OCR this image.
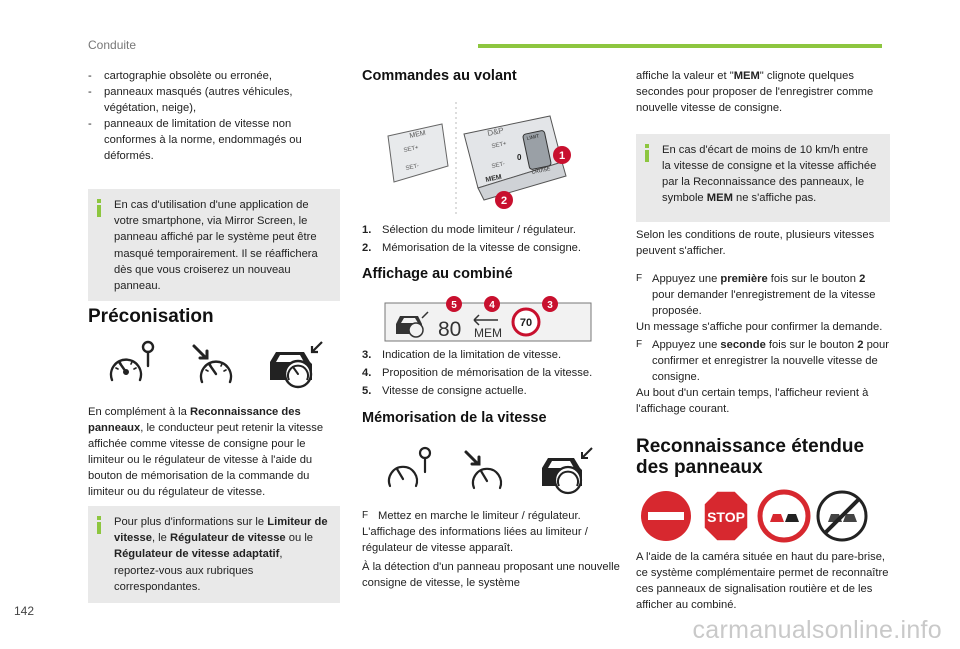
Conduite
142

- cartographie obsolète ou erronée,

- panneaux masqués (autres véhicules, végétation, neige),

- panneaux de limitation de vitesse non conformes à la norme, endommagés ou déformés.

En cas d'utilisation d'une application de votre smartphone, via Mirror Screen, le panneau affiché par le système peut être masqué temporairement. Il se réaffichera dès que vous croiserez un nouveau panneau.
Préconisation
En complément à la Reconnaissance des panneaux, le conducteur peut retenir la vitesse affichée comme vitesse de consigne pour le limiteur ou le régulateur de vitesse à l'aide du bouton de mémorisation de la commande du limiteur ou du régulateur de vitesse.
Pour plus d'informations sur le Limiteur de vitesse, le Régulateur de vitesse ou le Régulateur de vitesse adaptatif, reportez-vous aux rubriques correspondantes.
Commandes au volant
MEM
SET+
SET-
D&P
SET+
SET-
MEM
LIMIT
CRUISE
0	1
2

1. Sélection du mode limiteur / régulateur.

2. Mémorisation de la vitesse de consigne.

Affichage au combiné
80 MEM
70
5	4	3

3. Indication de la limitation de vitesse.

4. Proposition de mémorisation de la vitesse.

5. Vitesse de consigne actuelle.

Mémorisation de la vitesse

F Mettez en marche le limiteur / régulateur.

L'affichage des informations liées au limiteur / régulateur de vitesse apparaît.

À la détection d'un panneau proposant une nouvelle consigne de vitesse, le système

affiche la valeur et "MEM" clignote quelques secondes pour proposer de l'enregistrer comme nouvelle vitesse de consigne.
En cas d'écart de moins de 10 km/h entre la vitesse de consigne et la vitesse affichée par la Reconnaissance des panneaux, le symbole MEM ne s'affiche pas.

Selon les conditions de route, plusieurs vitesses peuvent s'afficher.

F Appuyez une première fois sur le bouton 2 pour demander l'enregistrement de la vitesse proposée.

Un message s'affiche pour confirmer la demande.

F Appuyez une seconde fois sur le bouton 2 pour confirmer et enregistrer la nouvelle vitesse de consigne.

Au bout d'un certain temps, l'afficheur revient à l'affichage courant.

Reconnaissance étendue des panneaux
STOP
A l'aide de la caméra située en haut du pare-brise, ce système complémentaire permet de reconnaître ces panneaux de signalisation routière et de les afficher au combiné.
carmanualsonline.info
